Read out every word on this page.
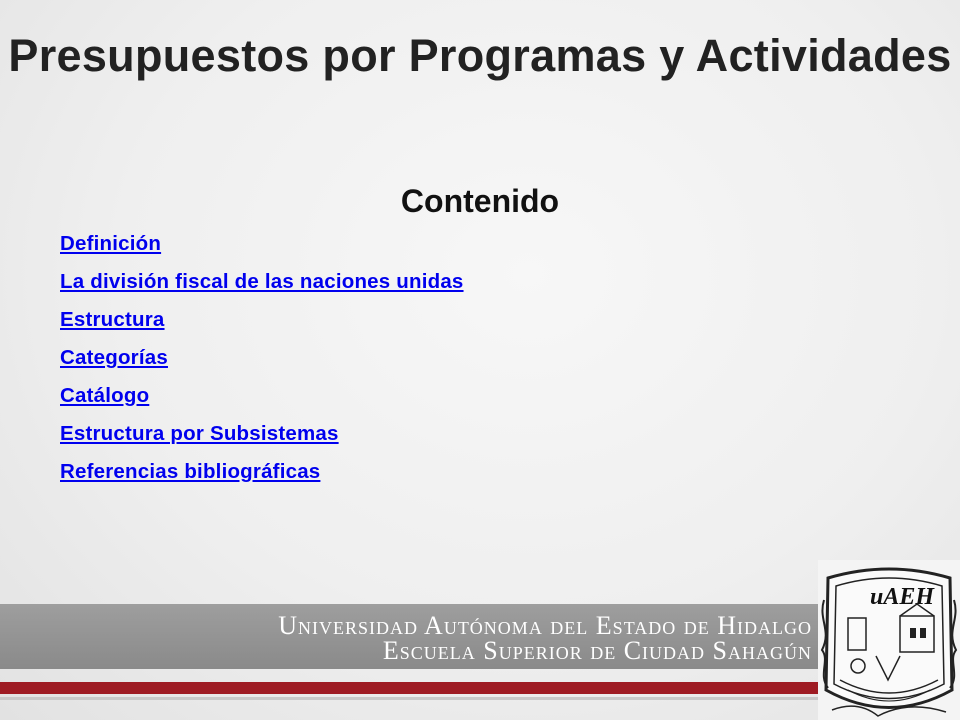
Presupuestos por Programas y Actividades
Contenido
Definición
La división fiscal de las naciones unidas
Estructura
Categorías
Catálogo
Estructura por Subsistemas
Referencias bibliográficas
Universidad Autónoma del Estado de Hidalgo
Escuela Superior de Ciudad Sahagún
uAEH
